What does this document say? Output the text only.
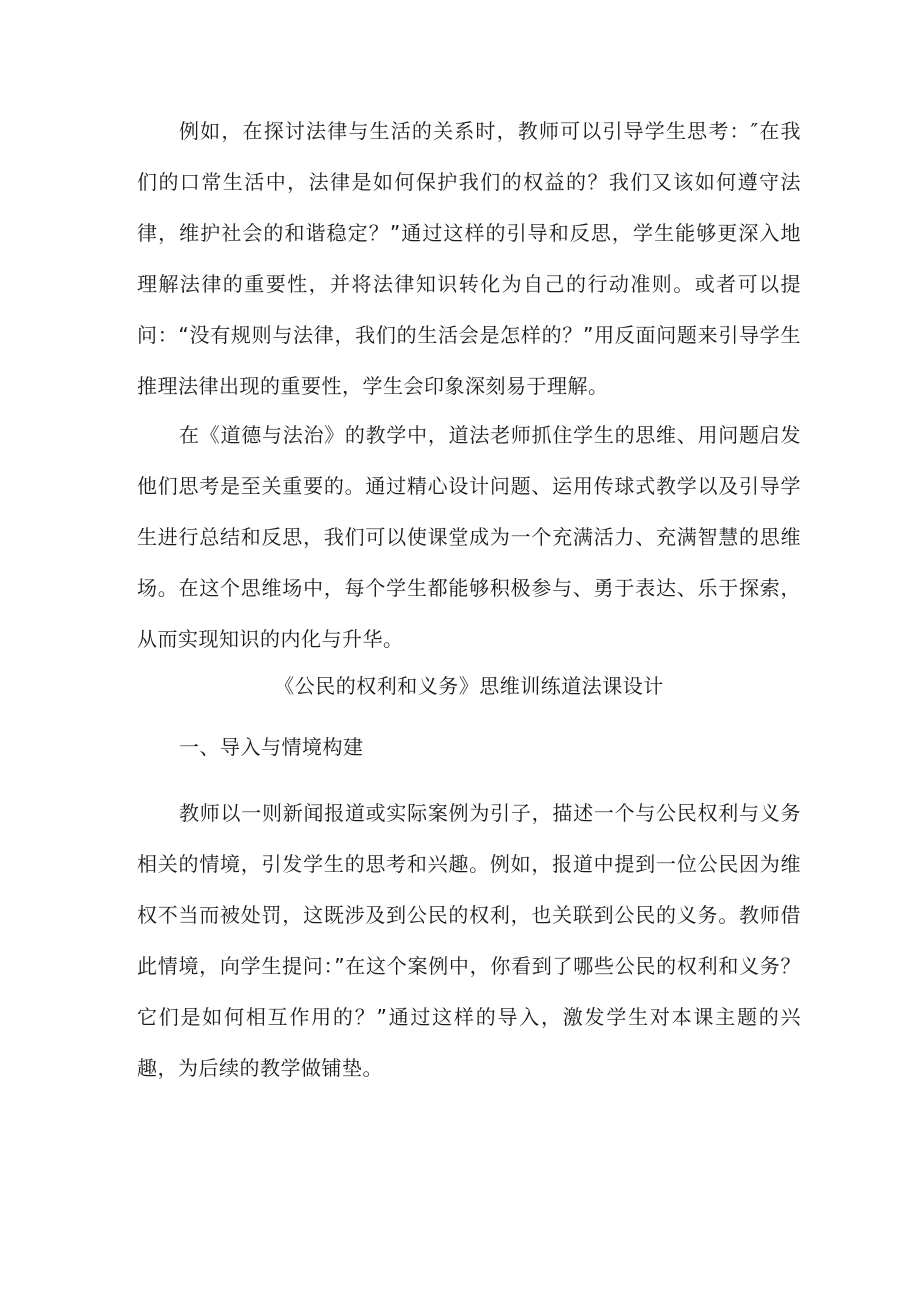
例如，在探讨法律与生活的关系时，教师可以引导学生思考：″在我们的口常生活中，法律是如何保护我们的权益的？我们又该如何遵守法律，维护社会的和谐稳定？”通过这样的引导和反思，学生能够更深入地理解法律的重要性，并将法律知识转化为自己的行动准则。或者可以提问：“没有规则与法律，我们的生活会是怎样的？”用反面问题来引导学生推理法律出现的重要性，学生会印象深刻易于理解。

在《道德与法治》的教学中，道法老师抓住学生的思维、用问题启发他们思考是至关重要的。通过精心设计问题、运用传球式教学以及引导学生进行总结和反思，我们可以使课堂成为一个充满活力、充满智慧的思维场。在这个思维场中，每个学生都能够积极参与、勇于表达、乐于探索，从而实现知识的内化与升华。

《公民的权利和义务》思维训练道法课设计

一、导入与情境构建

教师以一则新闻报道或实际案例为引子，描述一个与公民权利与义务相关的情境，引发学生的思考和兴趣。例如，报道中提到一位公民因为维权不当而被处罚，这既涉及到公民的权利，也关联到公民的义务。教师借此情境，向学生提问：”在这个案例中，你看到了哪些公民的权利和义务？它们是如何相互作用的？”通过这样的导入，激发学生对本课主题的兴趣，为后续的教学做铺垫。
